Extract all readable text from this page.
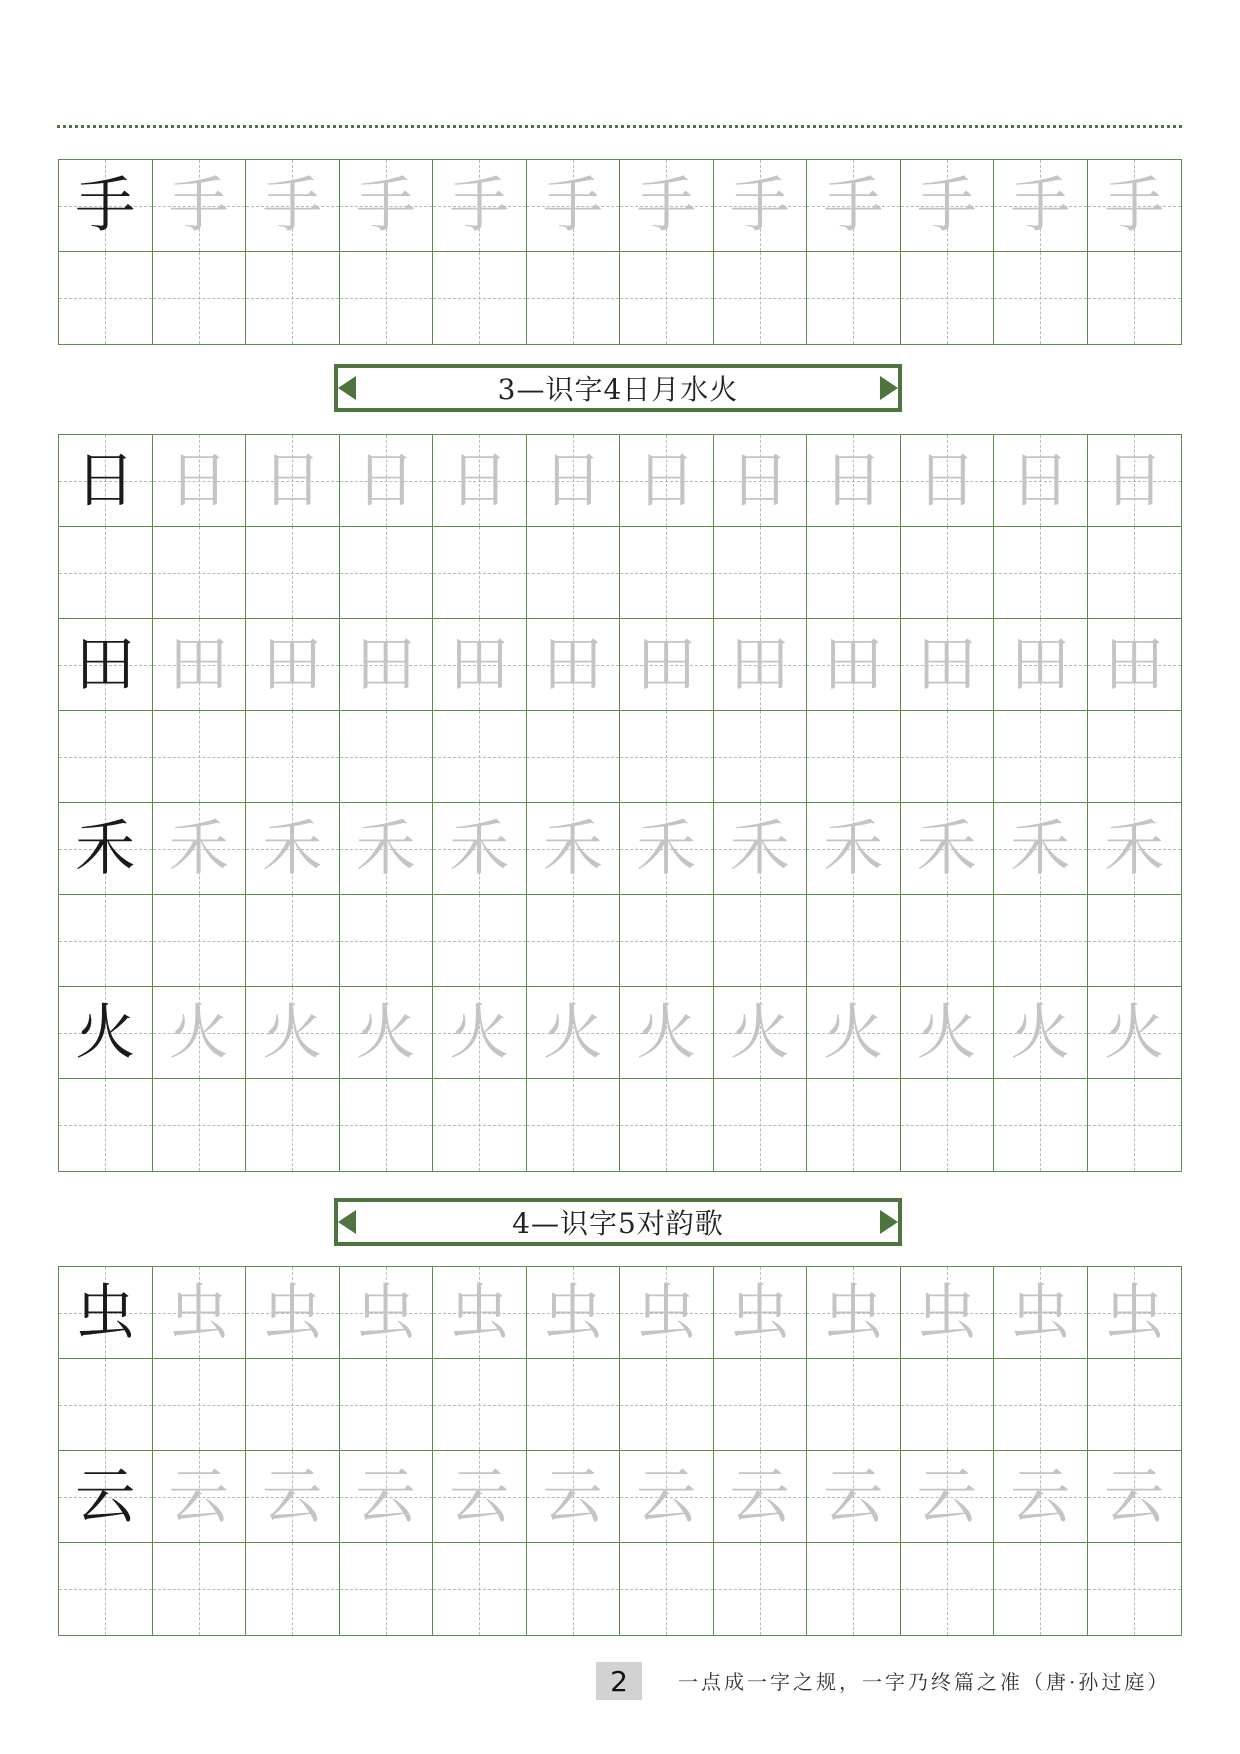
手 手 手 手 手 手 手 手 手 手 手 手
3—识字4日月水火
日 日 日 日 日 日 日 日 日 日 日 日
田 田 田 田 田 田 田 田 田 田 田 田
禾 禾 禾 禾 禾 禾 禾 禾 禾 禾 禾 禾
火 火 火 火 火 火 火 火 火 火 火 火
4—识字5对韵歌
虫 虫 虫 虫 虫 虫 虫 虫 虫 虫 虫 虫
云 云 云 云 云 云 云 云 云 云 云 云
2	一点成一字之规，一字乃终篇之准（唐·孙过庭）
